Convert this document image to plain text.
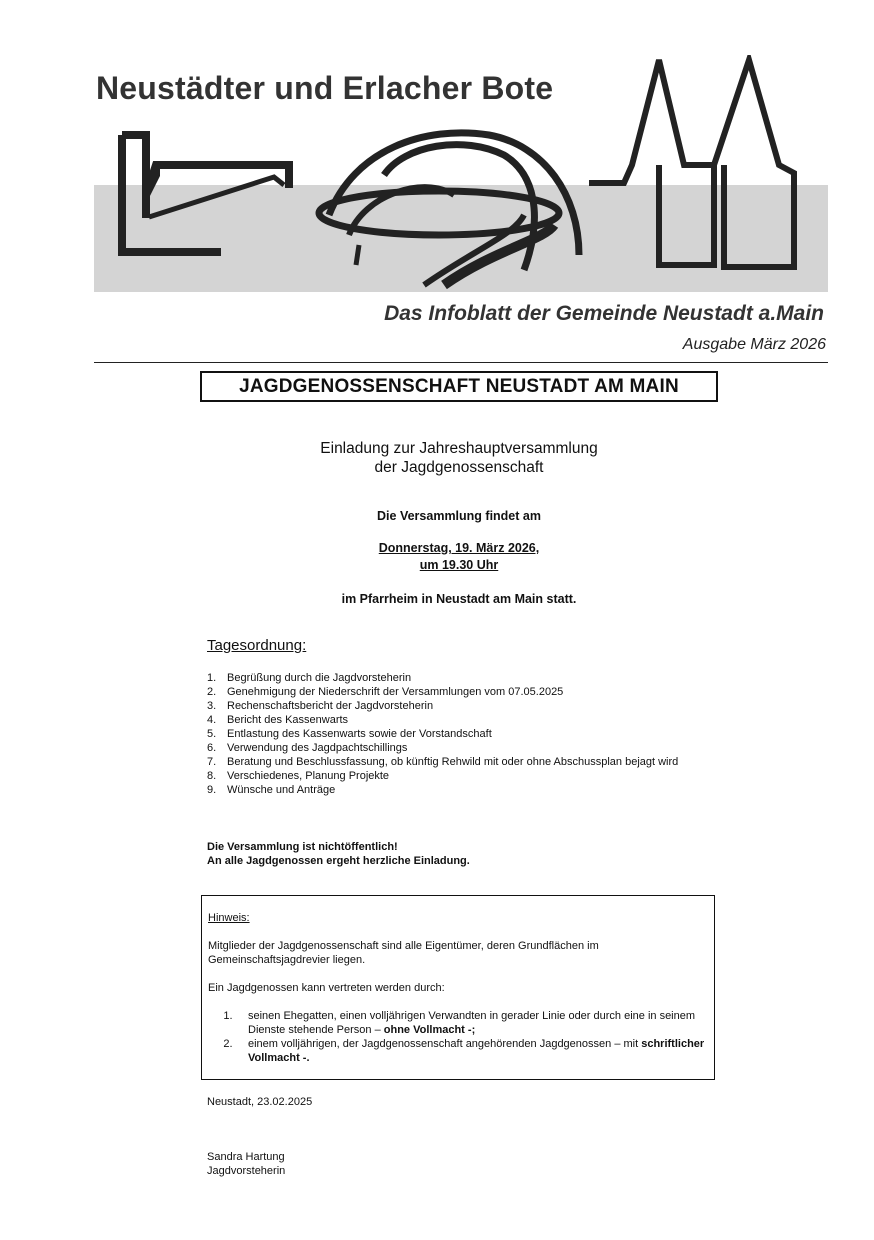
Neustädter und Erlacher Bote
Das Infoblatt der Gemeinde Neustadt a.Main
Ausgabe März 2026
JAGDGENOSSENSCHAFT NEUSTADT AM MAIN
Einladung zur Jahreshauptversammlung
der Jagdgenossenschaft
Die Versammlung findet am
Donnerstag, 19. März 2026,
um 19.30 Uhr
im Pfarrheim in Neustadt am Main statt.
Tagesordnung:
1. Begrüßung durch die Jagdvorsteherin
2. Genehmigung der Niederschrift der Versammlungen vom 07.05.2025
3. Rechenschaftsbericht der Jagdvorsteherin
4. Bericht des Kassenwarts
5. Entlastung des Kassenwarts sowie der Vorstandschaft
6. Verwendung des Jagdpachtschillings
7. Beratung und Beschlussfassung, ob künftig Rehwild mit oder ohne Abschussplan bejagt wird
8. Verschiedenes, Planung Projekte
9. Wünsche und Anträge
Die Versammlung ist nichtöffentlich!
An alle Jagdgenossen ergeht herzliche Einladung.
Hinweis:
Mitglieder der Jagdgenossenschaft sind alle Eigentümer, deren Grundflächen im Gemeinschaftsjagdrevier liegen.
Ein Jagdgenossen kann vertreten werden durch:
1.	seinen Ehegatten, einen volljährigen Verwandten in gerader Linie oder durch eine in seinem Dienste stehende Person – ohne Vollmacht -;
2.	einem volljährigen, der Jagdgenossenschaft angehörenden Jagdgenossen – mit schriftlicher Vollmacht -.
Neustadt, 23.02.2025
Sandra Hartung
Jagdvorsteherin
